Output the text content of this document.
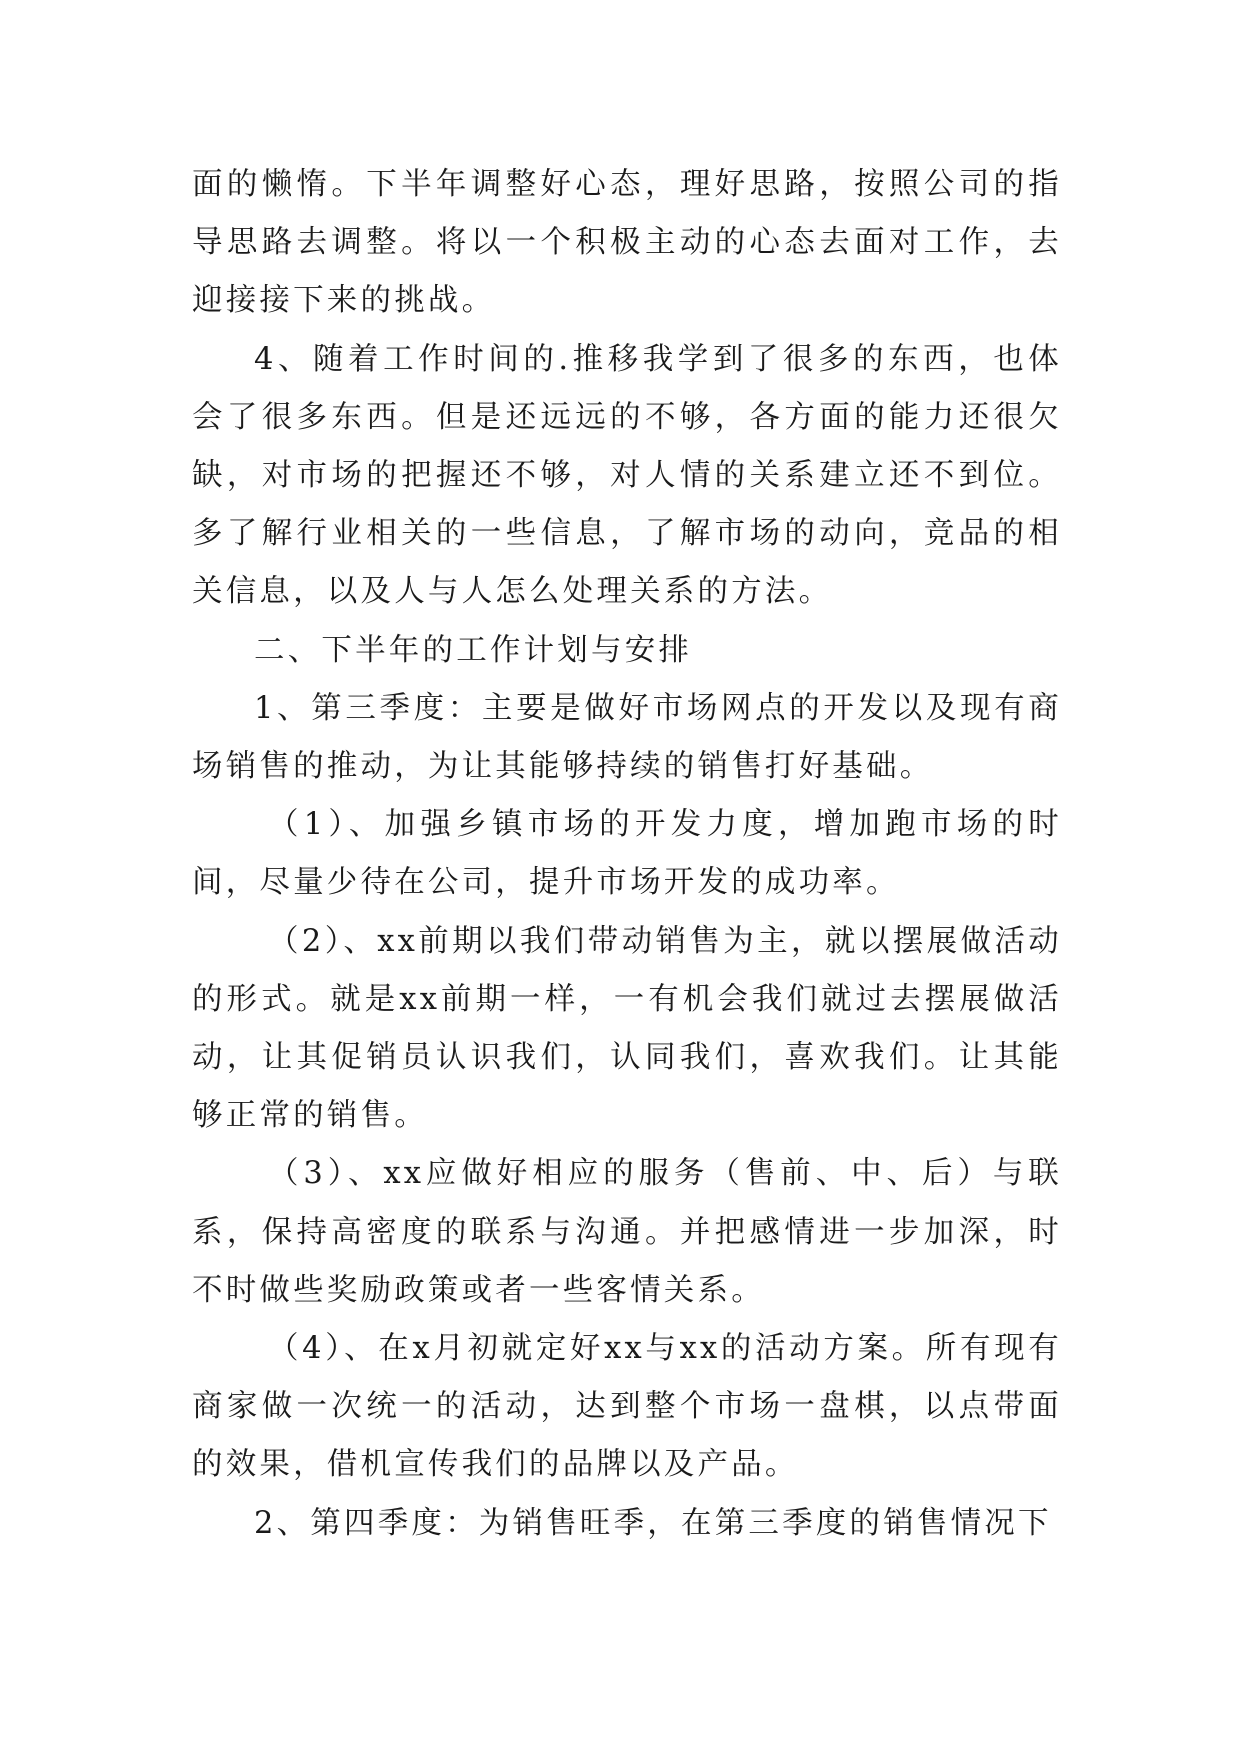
面的懒惰。下半年调整好心态，理好思路，按照公司的指导思路去调整。将以一个积极主动的心态去面对工作，去迎接接下来的挑战。

4、随着工作时间的.推移我学到了很多的东西，也体会了很多东西。但是还远远的不够，各方面的能力还很欠缺，对市场的把握还不够，对人情的关系建立还不到位。多了解行业相关的一些信息，了解市场的动向，竞品的相关信息，以及人与人怎么处理关系的方法。

二、下半年的工作计划与安排

1、第三季度：主要是做好市场网点的开发以及现有商场销售的推动，为让其能够持续的销售打好基础。

（1）、加强乡镇市场的开发力度，增加跑市场的时间，尽量少待在公司，提升市场开发的成功率。

（2）、xx前期以我们带动销售为主，就以摆展做活动的形式。就是xx前期一样，一有机会我们就过去摆展做活动，让其促销员认识我们，认同我们，喜欢我们。让其能够正常的销售。

（3）、xx应做好相应的服务（售前、中、后）与联系，保持高密度的联系与沟通。并把感情进一步加深，时不时做些奖励政策或者一些客情关系。

（4）、在x月初就定好xx与xx的活动方案。所有现有商家做一次统一的活动，达到整个市场一盘棋，以点带面的效果，借机宣传我们的品牌以及产品。

2、第四季度：为销售旺季，在第三季度的销售情况下
